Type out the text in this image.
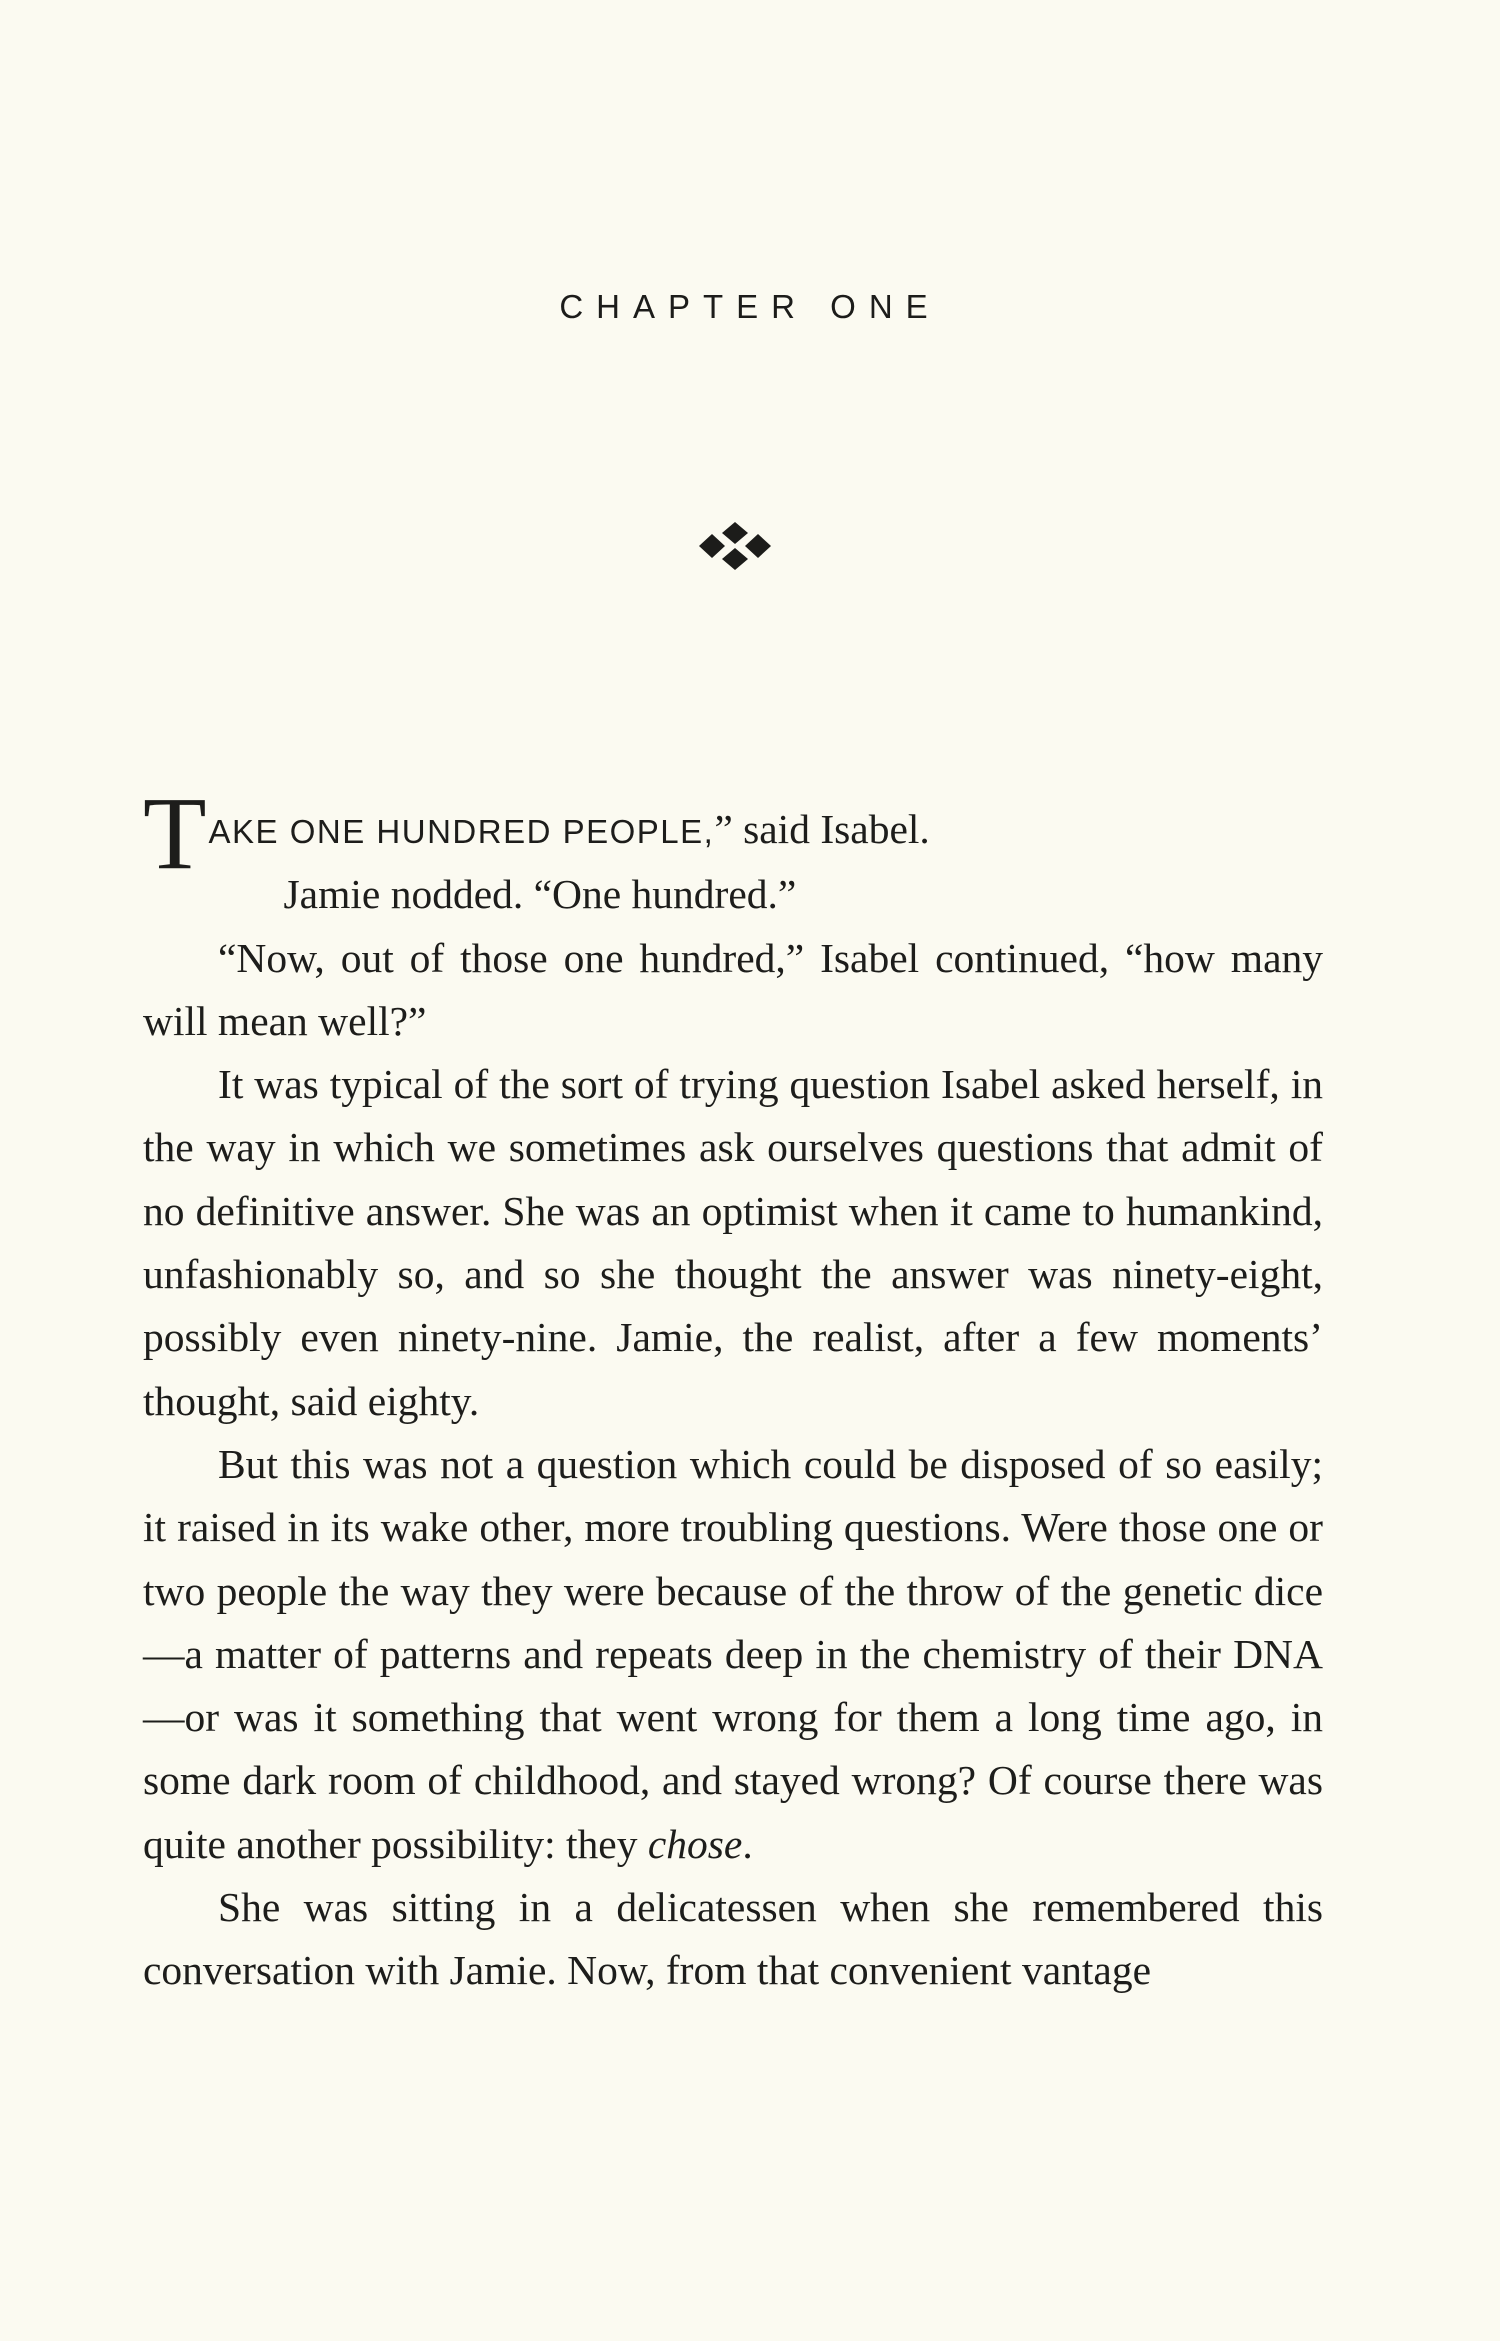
CHAPTER ONE

TAKE ONE HUNDRED PEOPLE,” said Isabel.

Jamie nodded. “One hundred.”

“Now, out of those one hundred,” Isabel continued, “how many will mean well?”

It was typical of the sort of trying question Isabel asked herself, in the way in which we sometimes ask ourselves questions that admit of no definitive answer. She was an optimist when it came to humankind, unfashionably so, and so she thought the answer was ninety-eight, possibly even ninety-nine. Jamie, the realist, after a few moments’ thought, said eighty.

But this was not a question which could be disposed of so easily; it raised in its wake other, more troubling questions. Were those one or two people the way they were because of the throw of the genetic dice—a matter of patterns and repeats deep in the chemistry of their DNA—or was it something that went wrong for them a long time ago, in some dark room of childhood, and stayed wrong? Of course there was quite another possibility: they chose.

She was sitting in a delicatessen when she remembered this conversation with Jamie. Now, from that convenient vantage
